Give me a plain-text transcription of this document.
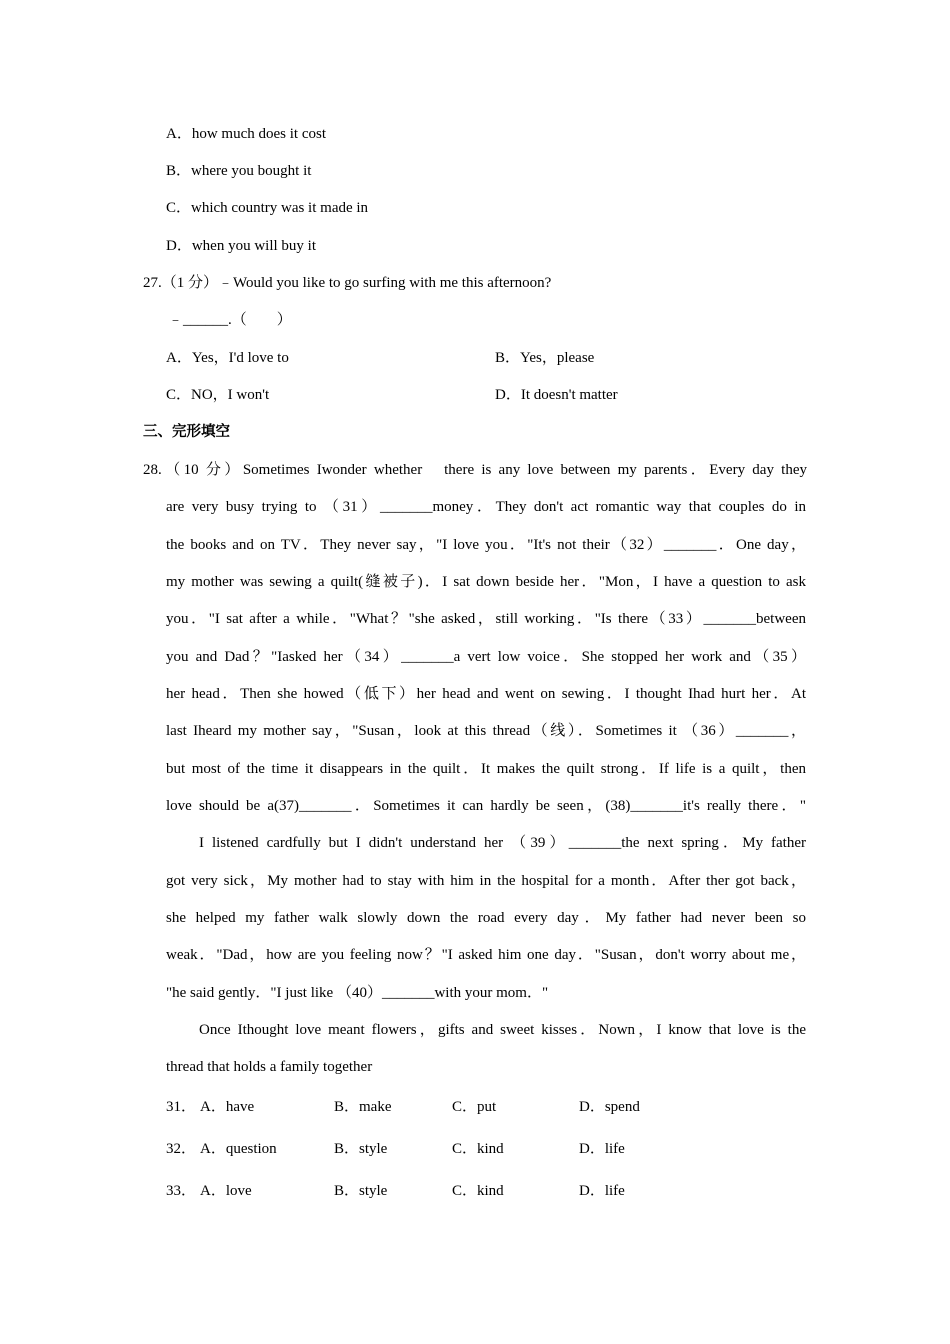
A．how much does it cost
B．where you bought it
C．which country was it made in
D．when you will buy it
27.（1 分）﹣Would you like to go surfing with me this afternoon?
﹣______.（　　）
A．Yes，I'd love to	B．Yes，please
C．NO，I won't	D．It doesn't matter
三、完形填空
28.（10 分）Sometimes Iwonder whether　there is any love between my parents．Every day they
are very busy trying to （31）_______money．They don't act romantic way that couples do in
the books and on TV．They never say，"I love you．"It's not their（32）_______．One day，
my mother was sewing a quilt(缝被子)．I sat down beside her．"Mon，I have a question to ask
you．"I sat after a while．"What？"she asked，still working．"Is there（33）_______between
you and Dad？"Iasked her（34）_______a vert low voice．She stopped her work and（35）
her head．Then she howed（低下）her head and went on sewing．I thought Ihad hurt her．At
last Iheard my mother say，"Susan，look at this thread（线）．Sometimes it （36）_______，
but most of the time it disappears in the quilt．It makes the quilt strong．If life is a quilt，then
love should be a(37)_______．Sometimes it can hardly be seen，(38)_______it's really there．"
I listened cardfully but I didn't understand her （39）_______the next spring．My father
got very sick，My mother had to stay with him in the hospital for a month．After ther got back，
she helped my father walk slowly down the road every day．My father had never been so
weak．"Dad，how are you feeling now？"I asked him one day．"Susan，don't worry about me，
"he said gently．"I just like （40）_______with your mom．"
Once Ithought love meant flowers，gifts and sweet kisses．Nown，I know that love is the
thread that holds a family together
31． A．have	B．make	C．put	D．spend
32． A．question	B．style	C．kind	D．life
33． A．love	B．style	C．kind	D．life
